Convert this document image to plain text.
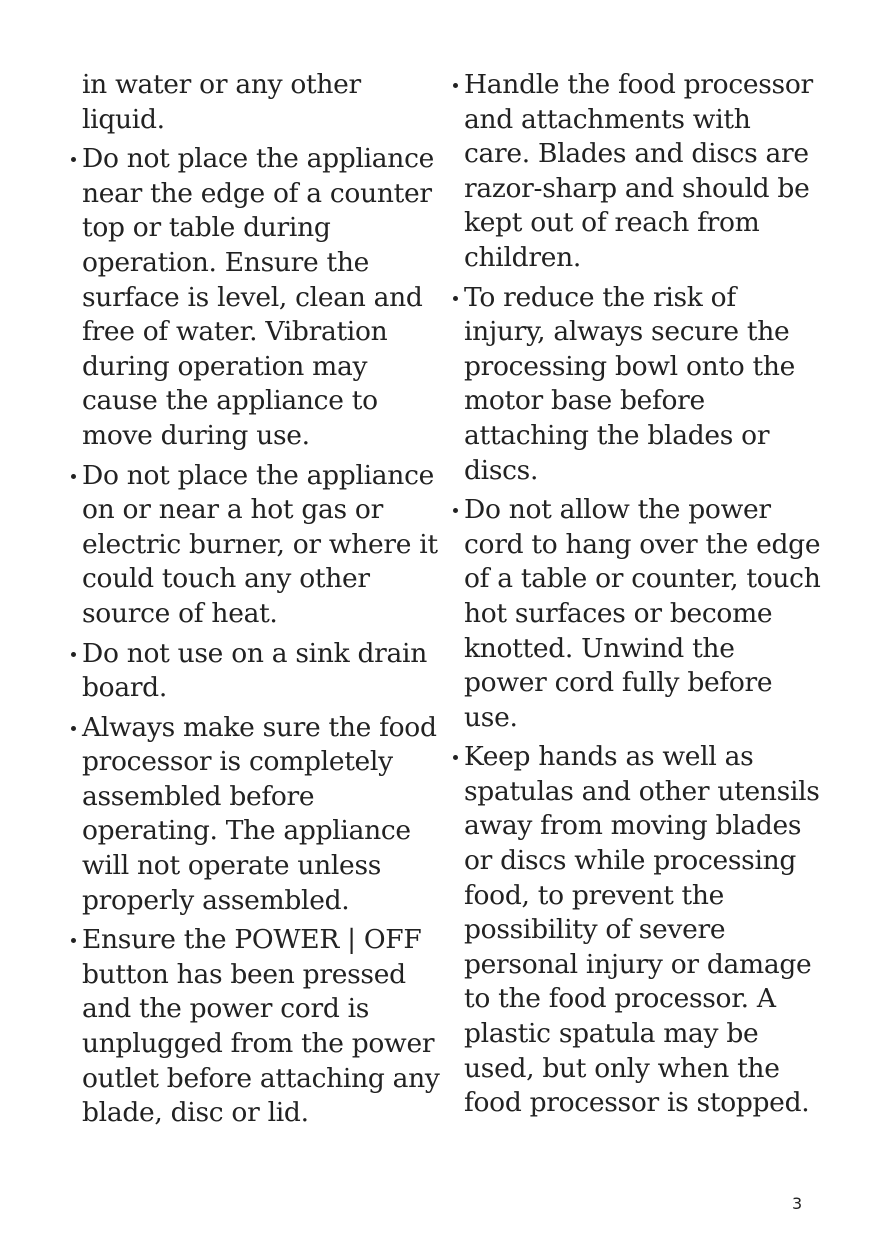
in water or any other liquid.
Do not place the appliance near the edge of a counter top or table during operation. Ensure the surface is level, clean and free of water. Vibration during operation may cause the appliance to move during use.
Do not place the appliance on or near a hot gas or electric burner, or where it could touch any other source of heat.
Do not use on a sink drain board.
Always make sure the food processor is completely assembled before operating. The appliance will not operate unless properly assembled.
Ensure the POWER | OFF button has been pressed and the power cord is unplugged from the power outlet before attaching any blade, disc or lid.
Handle the food processor and attachments with care. Blades and discs are razor-sharp and should be kept out of reach from children.
To reduce the risk of injury, always secure the processing bowl onto the motor base before attaching the blades or discs.
Do not allow the power cord to hang over the edge of a table or counter, touch hot surfaces or become knotted. Unwind the power cord fully before use.
Keep hands as well as spatulas and other utensils away from moving blades or discs while processing food, to prevent the possibility of severe personal injury or damage to the food processor. A plastic spatula may be used, but only when the food processor is stopped.
3
